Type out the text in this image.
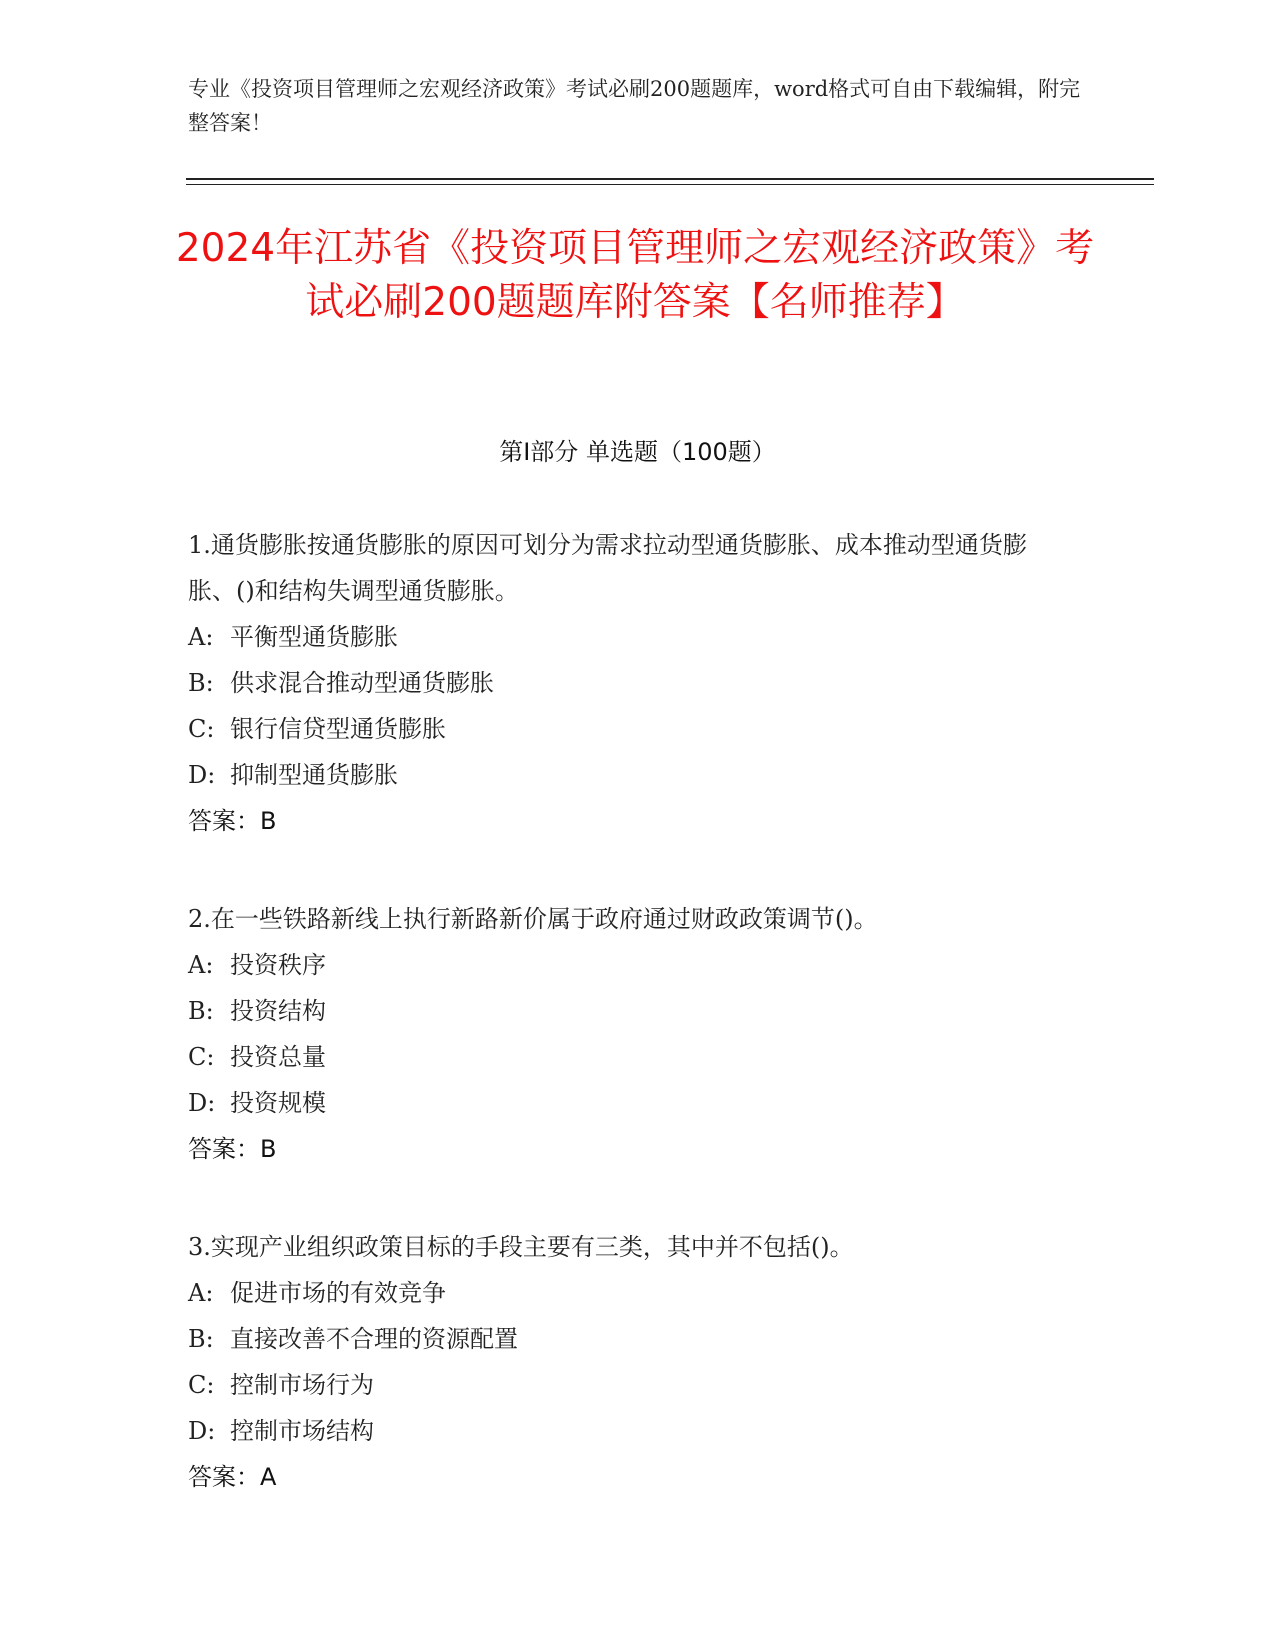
专业《投资项目管理师之宏观经济政策》考试必刷200题题库，word格式可自由下载编辑，附完整答案！
2024年江苏省《投资项目管理师之宏观经济政策》考试必刷200题题库附答案【名师推荐】
第Ⅰ部分 单选题（100题）

1.通货膨胀按通货膨胀的原因可划分为需求拉动型通货膨胀、成本推动型通货膨胀、()和结构失调型通货膨胀。

A: 平衡型通货膨胀

B: 供求混合推动型通货膨胀

C: 银行信贷型通货膨胀

D: 抑制型通货膨胀

答案：B

2.在一些铁路新线上执行新路新价属于政府通过财政政策调节()。

A: 投资秩序

B: 投资结构

C: 投资总量

D: 投资规模

答案：B

3.实现产业组织政策目标的手段主要有三类，其中并不包括()。

A: 促进市场的有效竞争

B: 直接改善不合理的资源配置

C: 控制市场行为

D: 控制市场结构

答案：A
